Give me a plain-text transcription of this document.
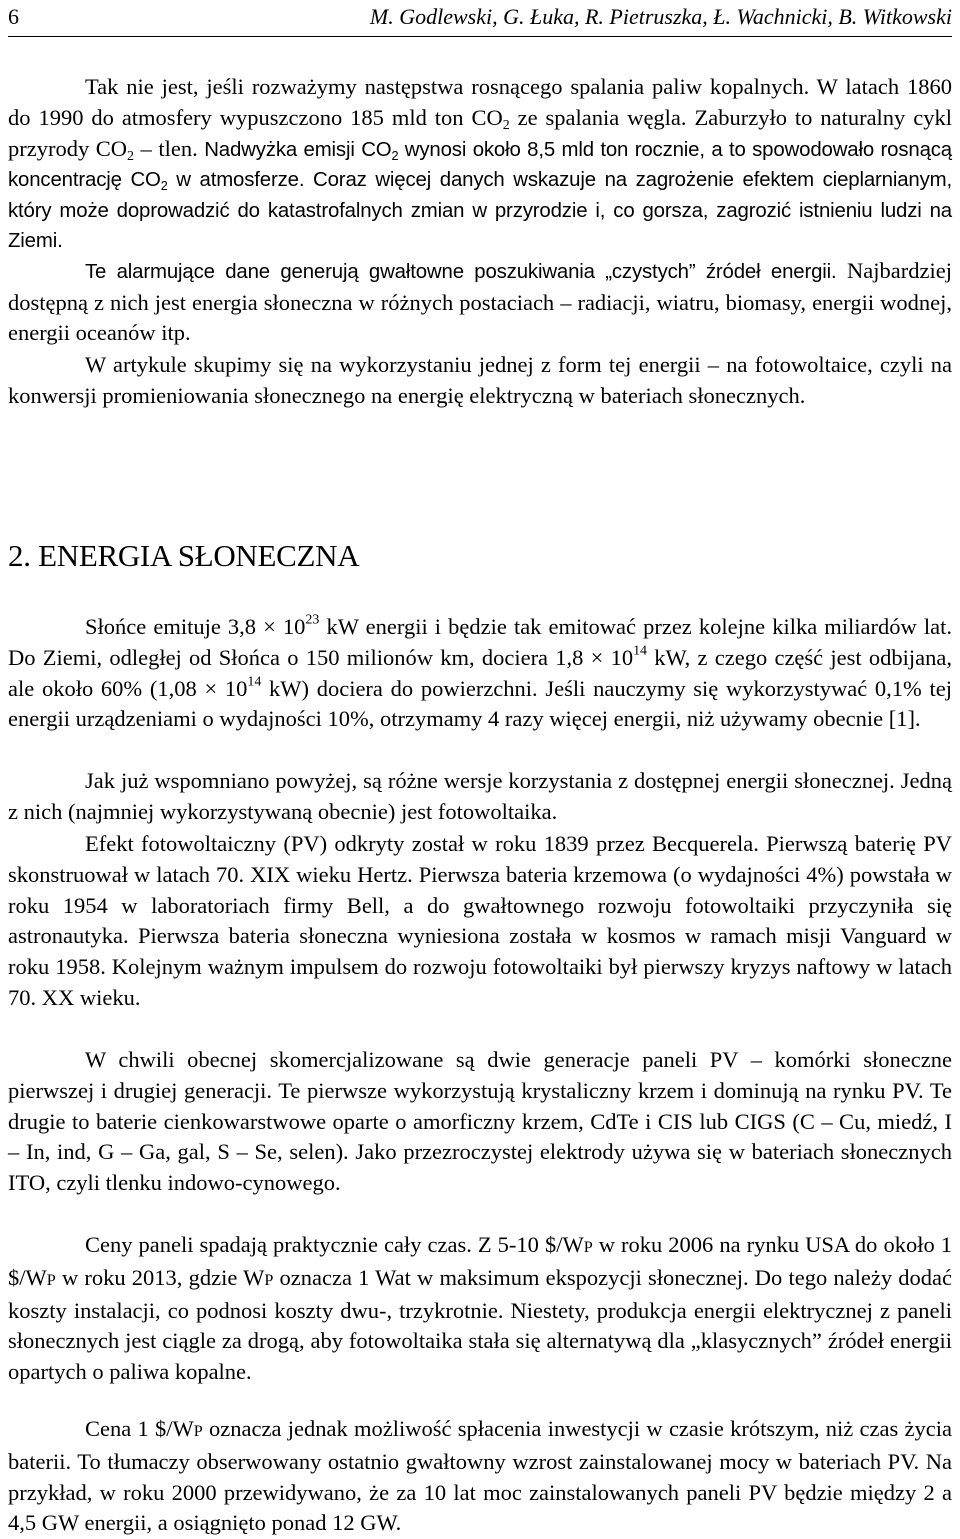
6	M. Godlewski, G. Łuka, R. Pietruszka, Ł. Wachnicki, B. Witkowski

Tak nie jest, jeśli rozważymy następstwa rosnącego spalania paliw kopalnych. W latach 1860 do 1990 do atmosfery wypuszczono 185 mld ton $CO_2$ ze spalania węgla. Zaburzyło to naturalny cykl przyrody $CO_2$ – tlen. Nadwyżka emisji $CO_2$ wynosi około 8,5 mld ton rocznie, a to spowodowało rosnącą koncentrację $CO_2$ w atmosferze. Coraz więcej danych wskazuje na zagrożenie efektem cieplarnianym, który może doprowadzić do katastrofalnych zmian w przyrodzie i, co gorsza, zagrozić istnieniu ludzi na Ziemi.

Te alarmujące dane generują gwałtowne poszukiwania „czystych” źródeł energii. Najbardziej dostępną z nich jest energia słoneczna w różnych postaciach – radiacji, wiatru, biomasy, energii wodnej, energii oceanów itp.

W artykule skupimy się na wykorzystaniu jednej z form tej energii – na fotowoltaice, czyli na konwersji promieniowania słonecznego na energię elektryczną w bateriach słonecznych.

2. ENERGIA SŁONECZNA

Słońce emituje $3,8 \times 10^{23}$ kW energii i będzie tak emitować przez kolejne kilka miliardów lat. Do Ziemi, odległej od Słońca o 150 milionów km, dociera $1,8 \times 10^{14}$ kW, z czego część jest odbijana, ale około 60% ($1,08 \times 10^{14}$ kW) dociera do powierzchni. Jeśli nauczymy się wykorzystywać 0,1% tej energii urządzeniami o wydajności 10%, otrzymamy 4 razy więcej energii, niż używamy obecnie [1].

Jak już wspomniano powyżej, są różne wersje korzystania z dostępnej energii słonecznej. Jedną z nich (najmniej wykorzystywaną obecnie) jest fotowoltaika.

Efekt fotowoltaiczny (PV) odkryty został w roku 1839 przez Becquerela. Pierwszą baterię PV skonstruował w latach 70. XIX wieku Hertz. Pierwsza bateria krzemowa (o wydajności 4%) powstała w roku 1954 w laboratoriach firmy Bell, a do gwałtownego rozwoju fotowoltaiki przyczyniła się astronautyka. Pierwsza bateria słoneczna wyniesiona została w kosmos w ramach misji Vanguard w roku 1958. Kolejnym ważnym impulsem do rozwoju fotowoltaiki był pierwszy kryzys naftowy w latach 70. XX wieku.

W chwili obecnej skomercjalizowane są dwie generacje paneli PV – komórki słoneczne pierwszej i drugiej generacji. Te pierwsze wykorzystują krystaliczny krzem i dominują na rynku PV. Te drugie to baterie cienkowarstwowe oparte o amorficzny krzem, CdTe i CIS lub CIGS (C – Cu, miedź, I – In, ind, G – Ga, gal, S – Se, selen). Jako przezroczystej elektrody używa się w bateriach słonecznych ITO, czyli tlenku indowo-cynowego.

Ceny paneli spadają praktycznie cały czas. Z 5-10 $/WP w roku 2006 na rynku USA do około 1 $/WP w roku 2013, gdzie WP oznacza 1 Wat w maksimum ekspozycji słonecznej. Do tego należy dodać koszty instalacji, co podnosi koszty dwu-, trzykrotnie. Niestety, produkcja energii elektrycznej z paneli słonecznych jest ciągle za drogą, aby fotowoltaika stała się alternatywą dla „klasycznych” źródeł energii opartych o paliwa kopalne.

Cena 1 $/WP oznacza jednak możliwość spłacenia inwestycji w czasie krótszym, niż czas życia baterii. To tłumaczy obserwowany ostatnio gwałtowny wzrost zainstalowanej mocy w bateriach PV. Na przykład, w roku 2000 przewidywano, że za 10 lat moc zainstalowanych paneli PV będzie między 2 a 4,5 GW energii, a osiągnięto ponad 12 GW.
